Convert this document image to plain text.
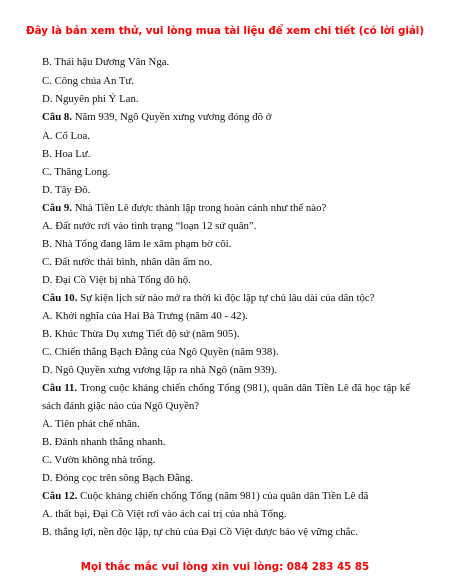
Đây là bản xem thử, vui lòng mua tài liệu để xem chi tiết (có lời giải)
B. Thái hậu Dương Vân Nga.
C. Công chúa An Tư.
D. Nguyên phi Ỷ Lan.
Câu 8. Năm 939, Ngô Quyền xưng vương đóng đô ở
A. Cổ Loa.
B. Hoa Lư.
C. Thăng Long.
D. Tây Đô.
Câu 9. Nhà Tiền Lê được thành lập trong hoàn cảnh như thế nào?
A. Đất nước rơi vào tình trạng “loạn 12 sứ quân”.
B. Nhà Tống đang lăm le xâm phạm bờ cõi.
C. Đất nước thái bình, nhân dân ấm no.
D. Đại Cồ Việt bị nhà Tống đô hộ.
Câu 10. Sự kiện lịch sử nào mở ra thời kì độc lập tự chủ lâu dài của dân tộc?
A. Khởi nghĩa của Hai Bà Trưng (năm 40 - 42).
B. Khúc Thừa Dụ xưng Tiết độ sứ (năm 905).
C. Chiến thắng Bạch Đằng của Ngô Quyền (năm 938).
D. Ngô Quyền xưng vương lập ra nhà Ngô (năm 939).
Câu 11. Trong cuộc kháng chiến chống Tống (981), quân dân Tiền Lê đã học tập kế
sách đánh giặc nào của Ngô Quyền?
A. Tiên phát chế nhân.
B. Đánh nhanh thắng nhanh.
C. Vườn không nhà trống.
D. Đóng cọc trên sông Bạch Đằng.
Câu 12. Cuộc kháng chiến chống Tống (năm 981) của quân dân Tiền Lê đã
A. thất bại, Đại Cồ Việt rơi vào ách cai trị của nhà Tống.
B. thắng lợi, nền độc lập, tự chủ của Đại Cồ Việt được bảo vệ vững chắc.
Mọi thắc mắc vui lòng xin vui lòng: 084 283 45 85
